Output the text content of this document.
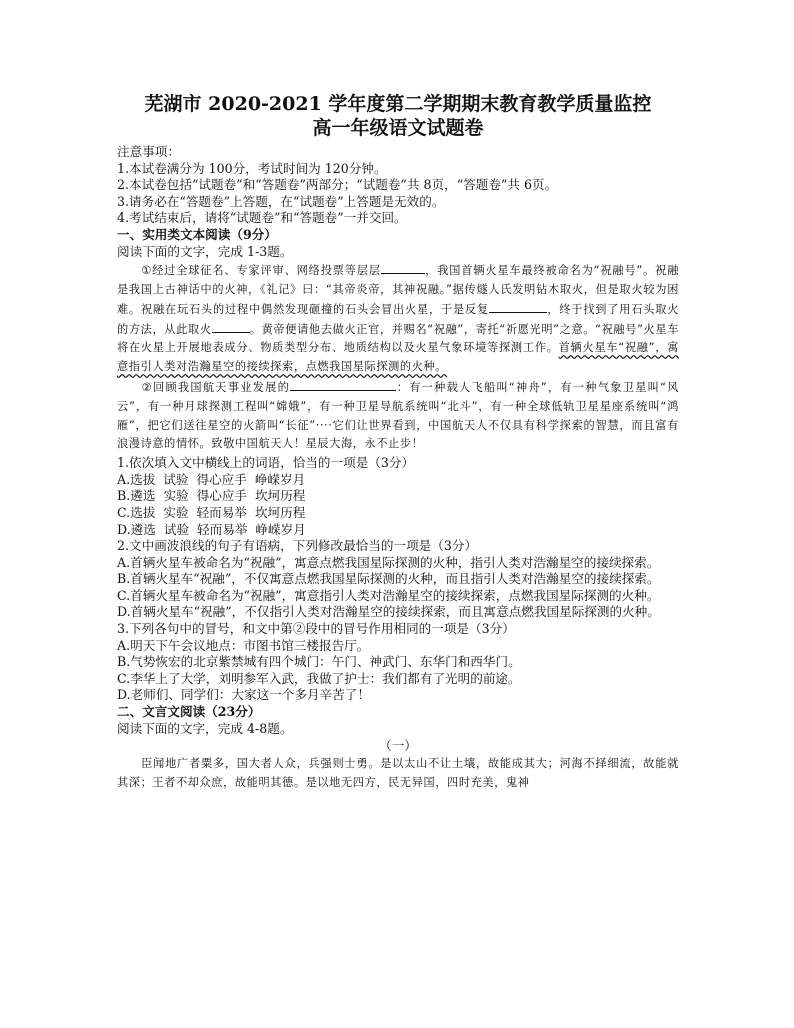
芜湖市 2020-2021 学年度第二学期期末教育教学质量监控
高一年级语文试题卷
注意事项：
1.本试卷满分为 100分，考试时间为 120分钟。
2.本试卷包括“试题卷”和“答题卷”两部分；“试题卷”共 8页，“答题卷”共 6页。
3.请务必在“答题卷”上答题，在“试题卷”上答题是无效的。
4.考试结束后，请将“试题卷”和“答题卷”一并交回。
一、实用类文本阅读（9分）
阅读下面的文字，完成 1-3题。
①经过全球征名、专家评审、网络投票等层层	，我国首辆火星车最终被命名为“祝融号”。祝融是我国上古神话中的火神，《礼记》曰：“其帝炎帝，其神祝融。”据传燧人氏发明钻木取火，但是取火较为困难。祝融在玩石头的过程中偶然发现砸撞的石头会冒出火星，于是反复	，终于找到了用石头取火的方法，从此取火	。黄帝便请他去做火正官，并赐名“祝融”，寄托“祈愿光明”之意。“祝融号”火星车将在火星上开展地表成分、物质类型分布、地质结构以及火星气象环境等探测工作。首辆火星车“祝融”，寓意指引人类对浩瀚星空的接续探索，点燃我国星际探测的火种。
②回顾我国航天事业发展的	：有一种载人飞船叫“神舟”，有一种气象卫星叫“风云”，有一种月球探测工程叫“嫦娥”，有一种卫星导航系统叫“北斗”，有一种全球低轨卫星星座系统叫“鸿雁”，把它们送往星空的火箭叫“长征”····它们让世界看到，中国航天人不仅具有科学探索的智慧，而且富有浪漫诗意的情怀。致敬中国航天人！星辰大海，永不止步！
1.依次填入文中横线上的词语，恰当的一项是（3分）
A.选拔 试验 得心应手 峥嵘岁月
B.遴选 实验 得心应手 坎坷历程
C.选拔 实验 轻而易举 坎坷历程
D.遴选 试验 轻而易举 峥嵘岁月
2.文中画波浪线的句子有语病，下列修改最恰当的一项是（3分）
A.首辆火星车被命名为“祝融”，寓意点燃我国星际探测的火种，指引人类对浩瀚星空的接续探索。
B.首辆火星车“祝融”，不仅寓意点燃我国星际探测的火种，而且指引人类对浩瀚星空的接续探索。
C.首辆火星车被命名为“祝融”，寓意指引人类对浩瀚星空的接续探索，点燃我国星际探测的火种。
D.首辆火星车“祝融”，不仅指引人类对浩瀚星空的接续探索，而且寓意点燃我国星际探测的火种。
3.下列各句中的冒号，和文中第②段中的冒号作用相同的一项是（3分）
A.明天下午会议地点：市图书馆三楼报告厅。
B.气势恢宏的北京紫禁城有四个城门：午门、神武门、东华门和西华门。
C.李华上了大学，刘明参军入武，我做了护士：我们都有了光明的前途。
D.老师们、同学们：大家这一个多月辛苦了！
二、文言文阅读（23分）
阅读下面的文字，完成 4-8题。
（一）
臣闻地广者粟多，国大者人众，兵强则士勇。是以太山不让土壤，故能成其大；河海不择细流，故能就其深；王者不却众庶，故能明其德。是以地无四方，民无异国，四时充美，鬼神
